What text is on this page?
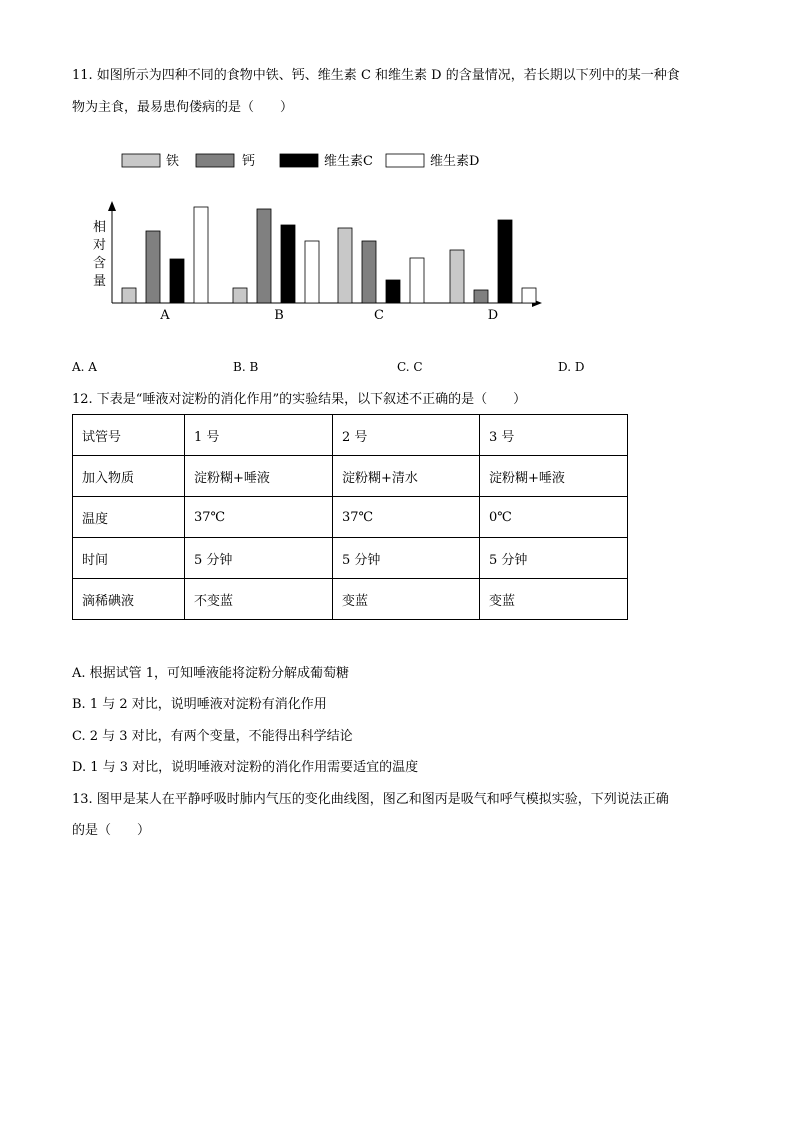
11. 如图所示为四种不同的食物中铁、钙、维生素 C 和维生素 D 的含量情况，若长期以下列中的某一种食
物为主食，最易患佝偻病的是（　　）
铁	钙	维生素C	维生素D
相
对
含
量
A	B	C	D
A. A	B. B	C. C	D. D
12. 下表是“唾液对淀粉的消化作用”的实验结果，以下叙述不正确的是（　　）
试管号	1 号	2 号	3 号
加入物质	淀粉糊+唾液	淀粉糊+清水	淀粉糊+唾液
温度	37℃	37℃	0℃
时间	5 分钟	5 分钟	5 分钟
滴稀碘液	不变蓝	变蓝	变蓝
A. 根据试管 1，可知唾液能将淀粉分解成葡萄糖
B. 1 与 2 对比，说明唾液对淀粉有消化作用
C. 2 与 3 对比，有两个变量，不能得出科学结论
D. 1 与 3 对比，说明唾液对淀粉的消化作用需要适宜的温度
13. 图甲是某人在平静呼吸时肺内气压的变化曲线图，图乙和图丙是吸气和呼气模拟实验，下列说法正确
的是（　　）
